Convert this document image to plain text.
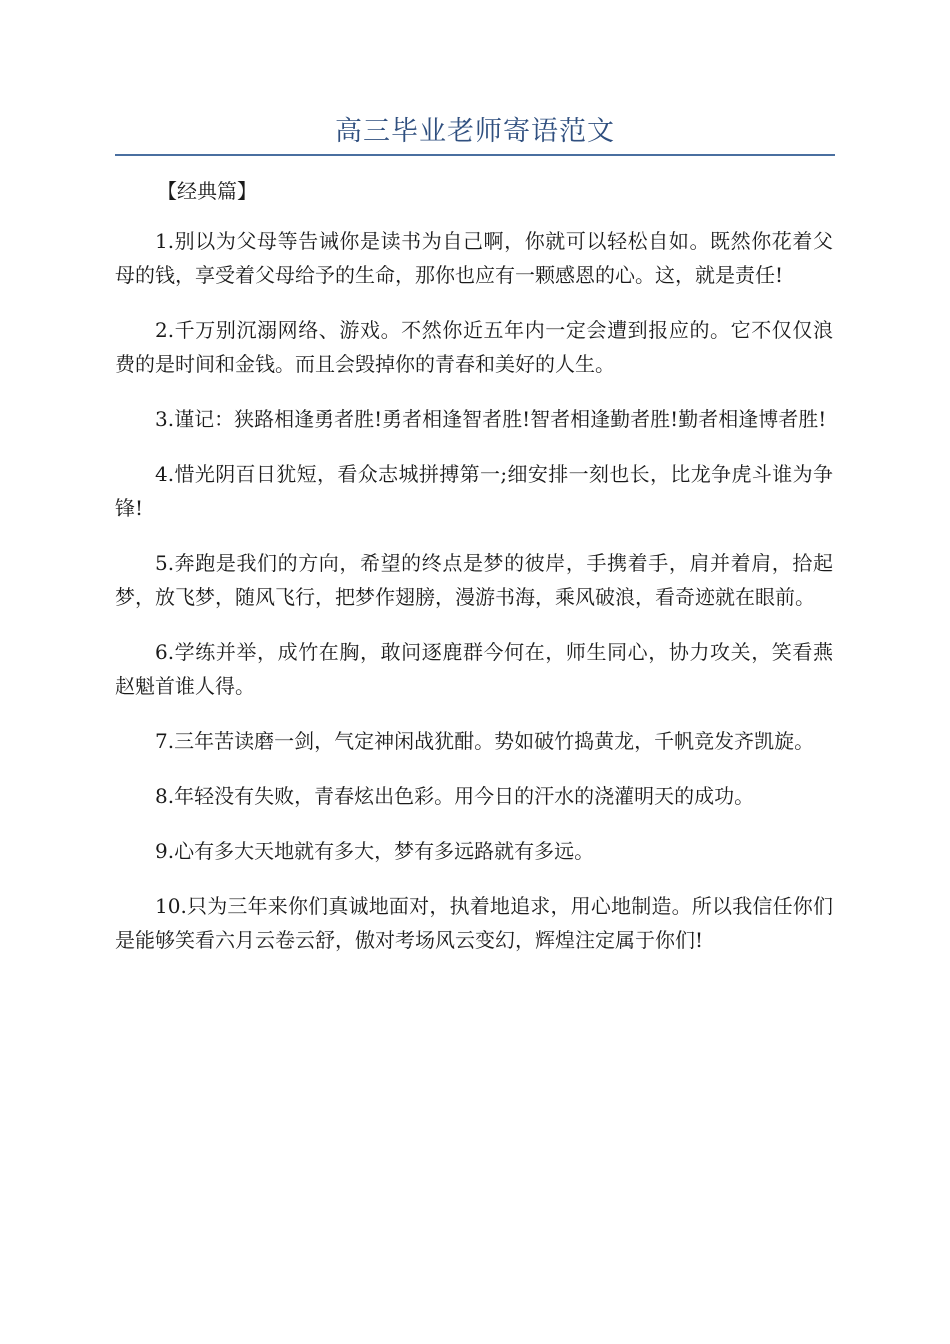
高三毕业老师寄语范文

【经典篇】

1.别以为父母等告诫你是读书为自己啊，你就可以轻松自如。既然你花着父母的钱，享受着父母给予的生命，那你也应有一颗感恩的心。这，就是责任!

2.千万别沉溺网络、游戏。不然你近五年内一定会遭到报应的。它不仅仅浪费的是时间和金钱。而且会毁掉你的青春和美好的人生。

3.谨记：狭路相逢勇者胜!勇者相逢智者胜!智者相逢勤者胜!勤者相逢博者胜!

4.惜光阴百日犹短，看众志城拼搏第一;细安排一刻也长，比龙争虎斗谁为争锋!

5.奔跑是我们的方向，希望的终点是梦的彼岸，手携着手，肩并着肩，拾起梦，放飞梦，随风飞行，把梦作翅膀，漫游书海，乘风破浪，看奇迹就在眼前。

6.学练并举，成竹在胸，敢问逐鹿群今何在，师生同心，协力攻关，笑看燕赵魁首谁人得。

7.三年苦读磨一剑，气定神闲战犹酣。势如破竹捣黄龙，千帆竞发齐凯旋。

8.年轻没有失败，青春炫出色彩。用今日的汗水的浇灌明天的成功。

9.心有多大天地就有多大，梦有多远路就有多远。

10.只为三年来你们真诚地面对，执着地追求，用心地制造。所以我信任你们是能够笑看六月云卷云舒，傲对考场风云变幻，辉煌注定属于你们!
